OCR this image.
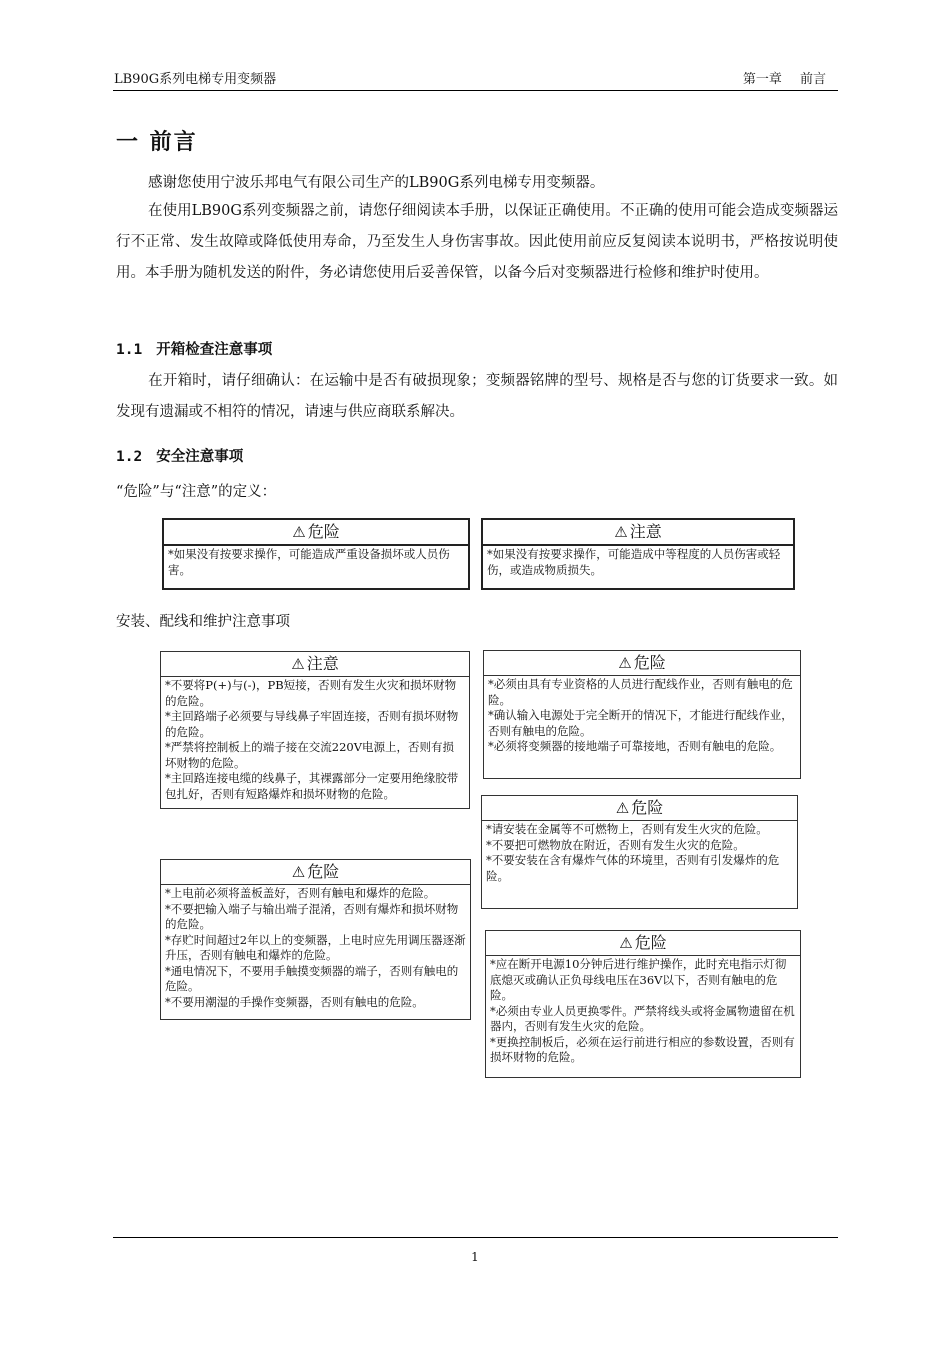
LB90G系列电梯专用变频器	第一章 前言
一 前言

感谢您使用宁波乐邦电气有限公司生产的LB90G系列电梯专用变频器。

在使用LB90G系列变频器之前，请您仔细阅读本手册，以保证正确使用。不正确的使用可能会造成变频器运行不正常、发生故障或降低使用寿命，乃至发生人身伤害事故。因此使用前应反复阅读本说明书，严格按说明使用。本手册为随机发送的附件，务必请您使用后妥善保管，以备今后对变频器进行检修和维护时使用。

1.1 开箱检查注意事项

在开箱时，请仔细确认：在运输中是否有破损现象；变频器铭牌的型号、规格是否与您的订货要求一致。如发现有遗漏或不相符的情况，请速与供应商联系解决。

1.2 安全注意事项
“危险”与“注意”的定义：
⚠ 危险

*如果没有按要求操作，可能造成严重设备损坏或人员伤害。

⚠ 注意

*如果没有按要求操作，可能造成中等程度的人员伤害或轻伤，或造成物质损失。

安装、配线和维护注意事项
⚠ 注意

*不要将P(+)与(-)，PB短接，否则有发生火灾和损坏财物的危险。

*主回路端子必须要与导线鼻子牢固连接，否则有损坏财物的危险。

*严禁将控制板上的端子接在交流220V电源上，否则有损坏财物的危险。

*主回路连接电缆的线鼻子，其裸露部分一定要用绝缘胶带包扎好，否则有短路爆炸和损坏财物的危险。

⚠ 危险

*必须由具有专业资格的人员进行配线作业，否则有触电的危险。

*确认输入电源处于完全断开的情况下，才能进行配线作业，否则有触电的危险。

*必须将变频器的接地端子可靠接地，否则有触电的危险。

⚠ 危险

*请安装在金属等不可燃物上，否则有发生火灾的危险。

*不要把可燃物放在附近，否则有发生火灾的危险。

*不要安装在含有爆炸气体的环境里，否则有引发爆炸的危险。

⚠ 危险

*上电前必须将盖板盖好，否则有触电和爆炸的危险。

*不要把输入端子与输出端子混淆，否则有爆炸和损坏财物的危险。

*存贮时间超过2年以上的变频器，上电时应先用调压器逐渐升压，否则有触电和爆炸的危险。

*通电情况下，不要用手触摸变频器的端子，否则有触电的危险。

*不要用潮湿的手操作变频器，否则有触电的危险。

⚠ 危险

*应在断开电源10分钟后进行维护操作，此时充电指示灯彻底熄灭或确认正负母线电压在36V以下，否则有触电的危险。

*必须由专业人员更换零件。严禁将线头或将金属物遗留在机器内，否则有发生火灾的危险。

*更换控制板后，必须在运行前进行相应的参数设置，否则有损坏财物的危险。

1
